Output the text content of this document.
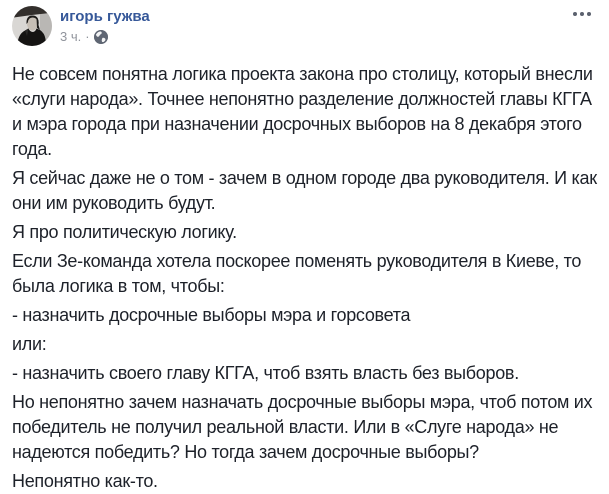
игорь гужва
3 ч. ·

Не совсем понятна логика проекта закона про столицу, который внесли «слуги народа». Точнее непонятно разделение должностей главы КГГА и мэра города при назначении досрочных выборов на 8 декабря этого года.

Я сейчас даже не о том - зачем в одном городе два руководителя. И как они им руководить будут.

Я про политическую логику.

Если Зе-команда хотела поскорее поменять руководителя в Киеве, то была логика в том, чтобы:

- назначить досрочные выборы мэра и горсовета

или:

- назначить своего главу КГГА, чтоб взять власть без выборов.

Но непонятно зачем назначать досрочные выборы мэра, чтоб потом их победитель не получил реальной власти. Или в «Слуге народа» не надеются победить? Но тогда зачем досрочные выборы?

Непонятно как-то.
